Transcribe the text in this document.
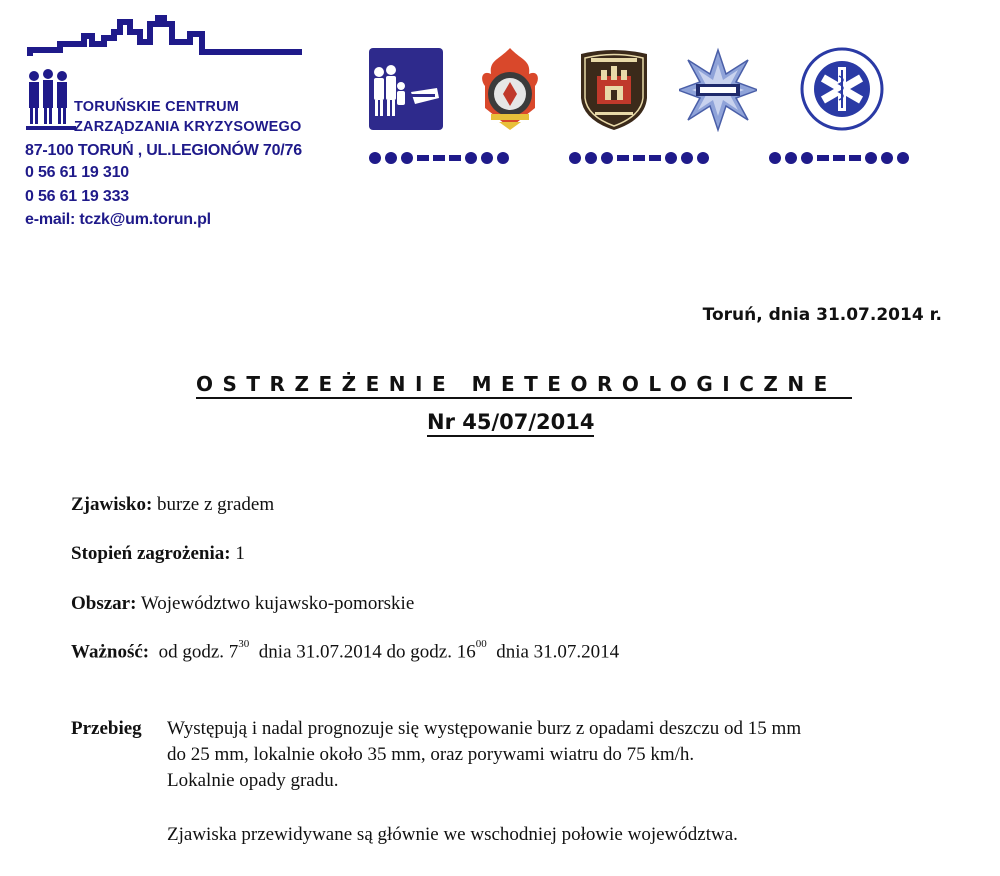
TORUŃSKIE CENTRUM
ZARZĄDZANIA KRYZYSOWEGO
87-100 TORUŃ , UL.LEGIONÓW 70/76
0 56 61 19 310
0 56 61 19 333
e-mail: tczk@um.torun.pl
Toruń, dnia 31.07.2014 r.
OSTRZEŻENIE METEOROLOGICZNE
Nr 45/07/2014
Zjawisko: burze z gradem
Stopień zagrożenia: 1
Obszar: Województwo kujawsko-pomorskie
Ważność: od godz. $7^{30}$ dnia 31.07.2014 do godz. $16^{00}$ dnia 31.07.2014
Przebieg Występują i nadal prognozuje się występowanie burz z opadami deszczu od 15 mm
do 25 mm, lokalnie około 35 mm, oraz porywami wiatru do 75 km/h.
Lokalnie opady gradu.
Zjawiska przewidywane są głównie we wschodniej połowie województwa.
